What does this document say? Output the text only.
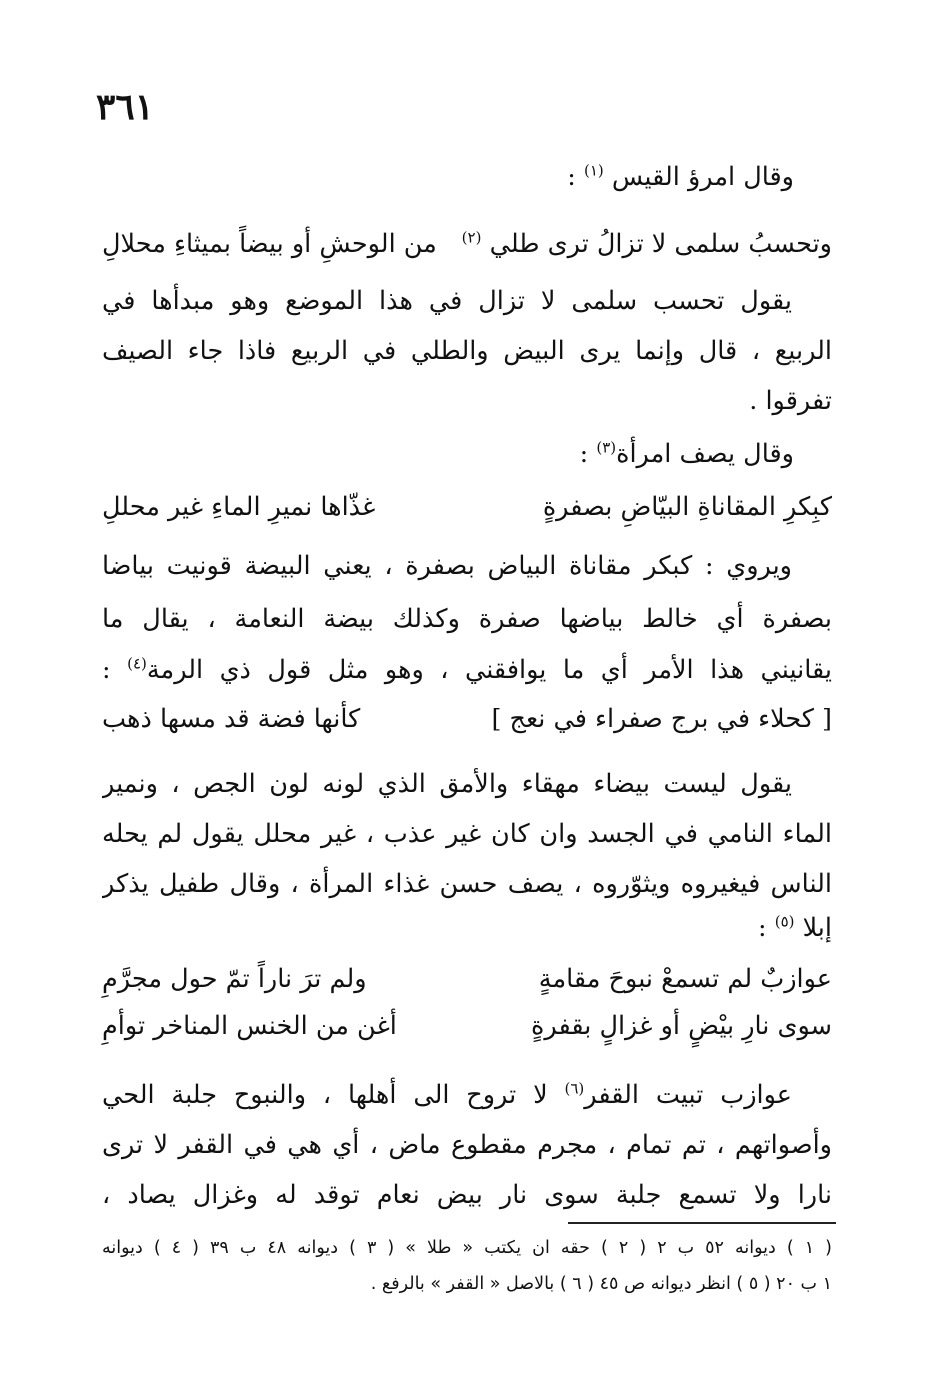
٣٦١
وقال امرؤ القيس $^{(١)}$ :
وتحسبُ سلمى لا تزالُ ترى طلي $^{(٢)}$
من الوحشِ أو بيضاً بميثاءِ محلالِ
يقول تحسب سلمى لا تزال في هذا الموضع وهو مبدأها في
الربيع ، قال وإنما يرى البيض والطلي في الربيع فاذا جاء الصيف
تفرقوا .
وقال يصف امرأة$^{(٣)}$ :
كبِكرِ المقاناةِ البيّاضِ بصفرةٍ
غذّاها نميرِ الماءِ غير محللِ
ويروي : كبكر مقاناة البياض بصفرة ، يعني البيضة قونيت بياضا
بصفرة أي خالط بياضها صفرة وكذلك بيضة النعامة ، يقال ما
يقانيني هذا الأمر أي ما يوافقني ، وهو مثل قول ذي الرمة$^{(٤)}$ :
[ كحلاء في برج صفراء في نعج ]
كأنها فضة قد مسها ذهب
يقول ليست بيضاء مهقاء والأمق الذي لونه لون الجص ، ونمير
الماء النامي في الجسد وان كان غير عذب ، غير محلل يقول لم يحله
الناس فيغيروه ويثوّروه ، يصف حسن غذاء المرأة ، وقال طفيل يذكر
إبلا $^{(٥)}$ :
عوازبٌ لم تسمعْ نبوحَ مقامةٍ
ولم ترَ ناراً تمّ حول مجرَّمِ
سوى نارِ بيْضٍ أو غزالٍ بقفرةٍ
أغن من الخنس المناخر توأمِ
عوازب تبيت القفر$^{(٦)}$ لا تروح الى أهلها ، والنبوح جلبة الحي
وأصواتهم ، تم تمام ، مجرم مقطوع ماض ، أي هي في القفر لا ترى
نارا ولا تسمع جلبة سوى نار بيض نعام توقد له وغزال يصاد ،
( ١ ) ديوانه ٥٢ ب ٢ ( ٢ ) حقه ان يكتب « طلا » ( ٣ ) ديوانه ٤٨ ب ٣٩ ( ٤ ) ديوانه
١ ب ٢٠ ( ٥ ) انظر ديوانه ص ٤٥ ( ٦ ) بالاصل « القفر » بالرفع .
